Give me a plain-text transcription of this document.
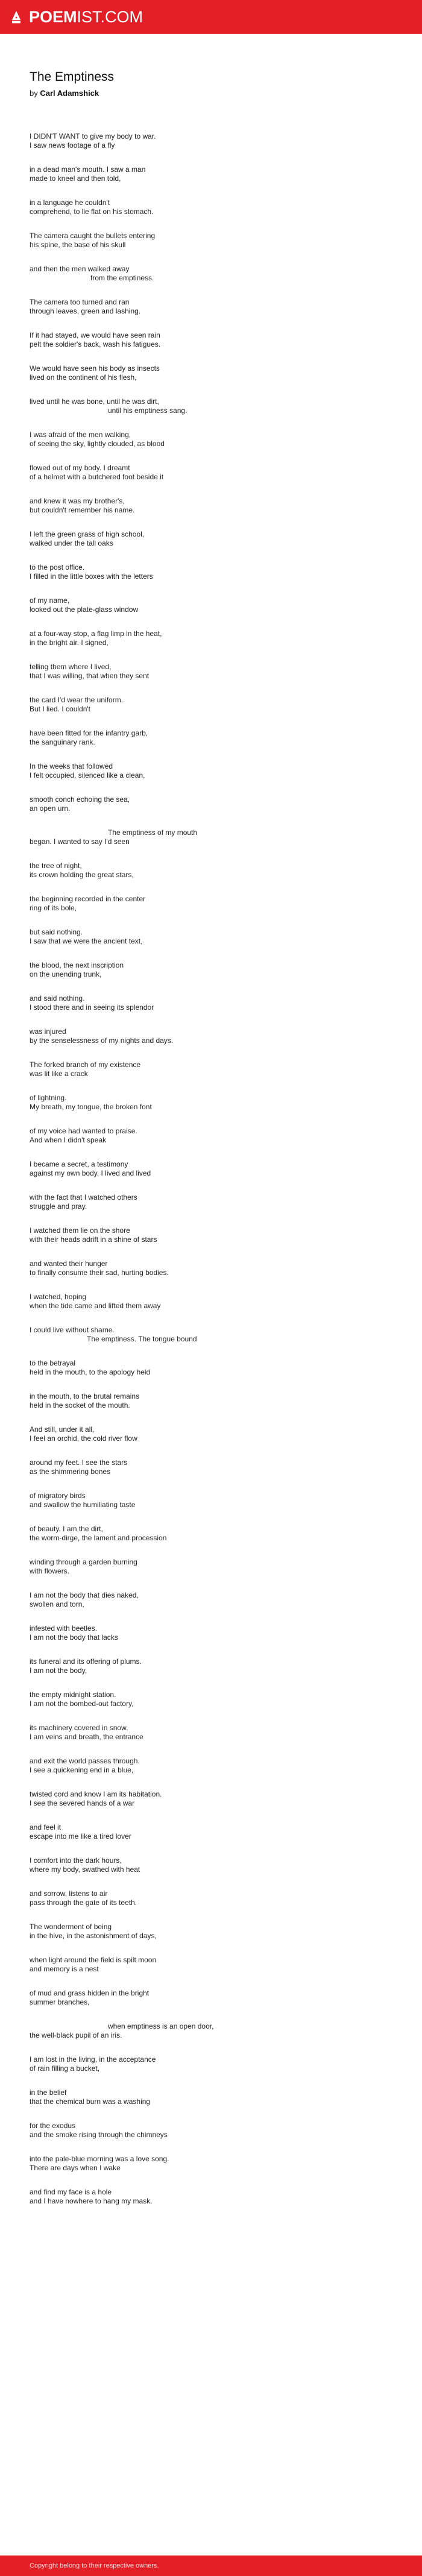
POEMIST.COM
The Emptiness
by Carl Adamshick
I DIDN'T WANT to give my body to war.
I saw news footage of a fly
in a dead man's mouth. I saw a man
made to kneel and then told,
in a language he couldn't
comprehend, to lie flat on his stomach.
The camera caught the bullets entering
his spine, the base of his skull
and then the men walked away
from the emptiness.
The camera too turned and ran
through leaves, green and lashing.
If it had stayed, we would have seen rain
pelt the soldier's back, wash his fatigues.
We would have seen his body as insects
lived on the continent of his flesh,
lived until he was bone, until he was dirt,
until his emptiness sang.
I was afraid of the men walking,
of seeing the sky, lightly clouded, as blood
flowed out of my body. I dreamt
of a helmet with a butchered foot beside it
and knew it was my brother's,
but couldn't remember his name.
I left the green grass of high school,
walked under the tall oaks
to the post office.
I filled in the little boxes with the letters
of my name,
looked out the plate-glass window
at a four-way stop, a flag limp in the heat,
in the bright air. I signed,
telling them where I lived,
that I was willing, that when they sent
the card I'd wear the uniform.
But I lied. I couldn't
have been fitted for the infantry garb,
the sanguinary rank.
In the weeks that followed
I felt occupied, silenced like a clean,
smooth conch echoing the sea,
an open urn.
The emptiness of my mouth
began. I wanted to say I'd seen
the tree of night,
its crown holding the great stars,
the beginning recorded in the center
ring of its bole,
but said nothing.
I saw that we were the ancient text,
the blood, the next inscription
on the unending trunk,
and said nothing.
I stood there and in seeing its splendor
was injured
by the senselessness of my nights and days.
The forked branch of my existence
was lit like a crack
of lightning.
My breath, my tongue, the broken font
of my voice had wanted to praise.
And when I didn't speak
I became a secret, a testimony
against my own body. I lived and lived
with the fact that I watched others
struggle and pray.
I watched them lie on the shore
with their heads adrift in a shine of stars
and wanted their hunger
to finally consume their sad, hurting bodies.
I watched, hoping
when the tide came and lifted them away
I could live without shame.
The emptiness. The tongue bound
to the betrayal
held in the mouth, to the apology held
in the mouth, to the brutal remains
held in the socket of the mouth.
And still, under it all,
I feel an orchid, the cold river flow
around my feet. I see the stars
as the shimmering bones
of migratory birds
and swallow the humiliating taste
of beauty. I am the dirt,
the worm-dirge, the lament and procession
winding through a garden burning
with flowers.
I am not the body that dies naked,
swollen and torn,
infested with beetles.
I am not the body that lacks
its funeral and its offering of plums.
I am not the body,
the empty midnight station.
I am not the bombed-out factory,
its machinery covered in snow.
I am veins and breath, the entrance
and exit the world passes through.
I see a quickening end in a blue,
twisted cord and know I am its habitation.
I see the severed hands of a war
and feel it
escape into me like a tired lover
I comfort into the dark hours,
where my body, swathed with heat
and sorrow, listens to air
pass through the gate of its teeth.
The wonderment of being
in the hive, in the astonishment of days,
when light around the field is spilt moon
and memory is a nest
of mud and grass hidden in the bright
summer branches,
when emptiness is an open door,
the well-black pupil of an iris.
I am lost in the living, in the acceptance
of rain filling a bucket,
in the belief
that the chemical burn was a washing
for the exodus
and the smoke rising through the chimneys
into the pale-blue morning was a love song.
There are days when I wake
and find my face is a hole
and I have nowhere to hang my mask.
Copyright belong to their respective owners.
